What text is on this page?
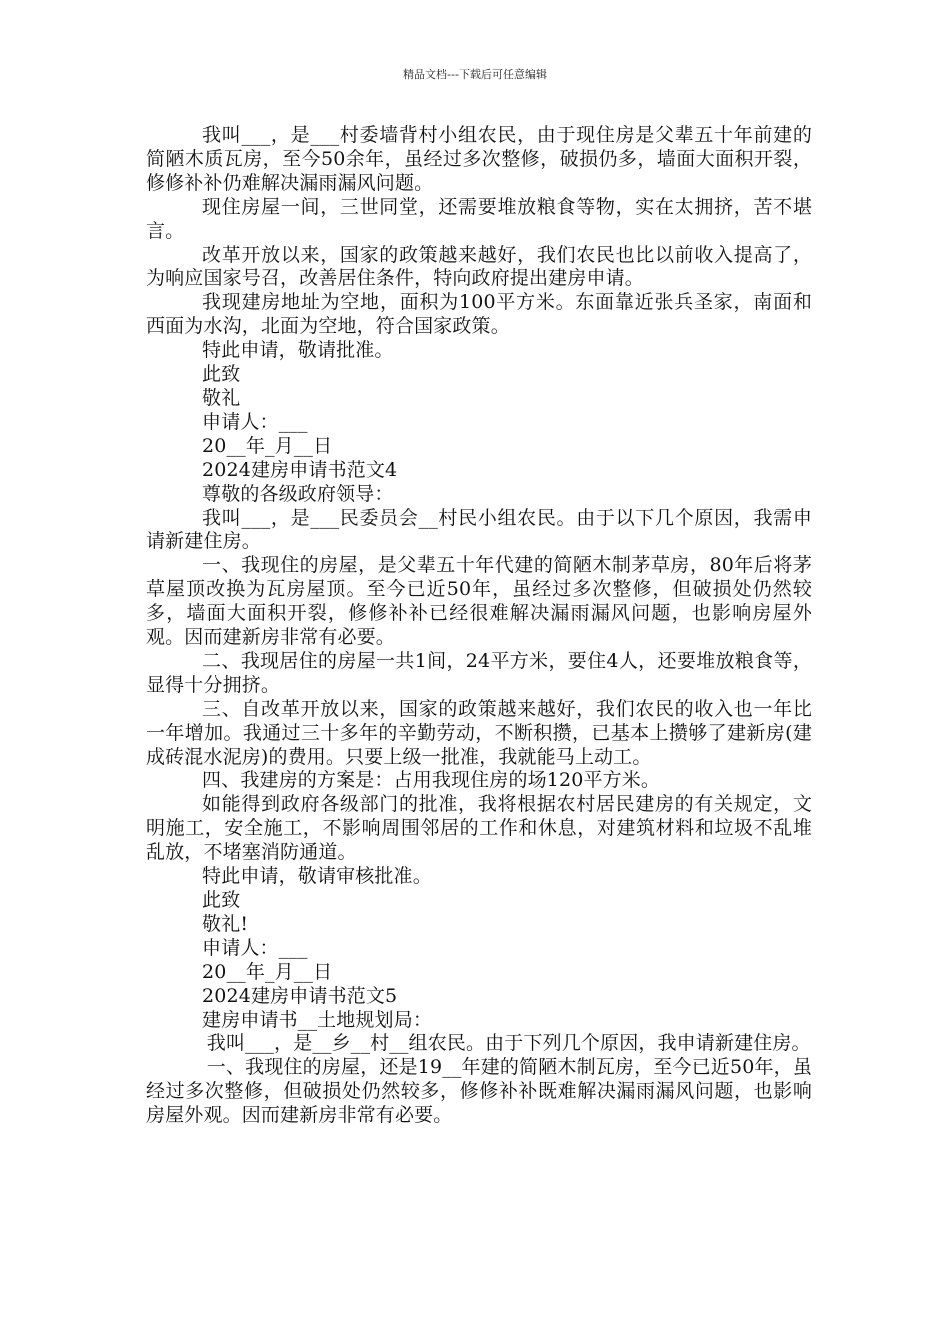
精品文档---下载后可任意编辑

我叫___，是___村委墙背村小组农民，由于现住房是父辈五十年前建的简陋木质瓦房，至今50余年，虽经过多次整修，破损仍多，墙面大面积开裂，修修补补仍难解决漏雨漏风问题。

现住房屋一间，三世同堂，还需要堆放粮食等物，实在太拥挤，苦不堪言。

改革开放以来，国家的政策越来越好，我们农民也比以前收入提高了，为响应国家号召，改善居住条件，特向政府提出建房申请。

我现建房地址为空地，面积为100平方米。东面靠近张兵圣家，南面和西面为水沟，北面为空地，符合国家政策。

特此申请，敬请批准。

此致

敬礼

申请人：___

20__年_月__日

2024建房申请书范文4

尊敬的各级政府领导：

我叫___，是___民委员会__村民小组农民。由于以下几个原因，我需申请新建住房。

一、我现住的房屋，是父辈五十年代建的简陋木制茅草房，80年后将茅草屋顶改换为瓦房屋顶。至今已近50年，虽经过多次整修，但破损处仍然较多，墙面大面积开裂，修修补补已经很难解决漏雨漏风问题，也影响房屋外观。因而建新房非常有必要。

二、我现居住的房屋一共1间，24平方米，要住4人，还要堆放粮食等，显得十分拥挤。

三、自改革开放以来，国家的政策越来越好，我们农民的收入也一年比一年增加。我通过三十多年的辛勤劳动，不断积攒，已基本上攒够了建新房(建成砖混水泥房)的费用。只要上级一批准，我就能马上动工。

四、我建房的方案是：占用我现住房的场120平方米。

如能得到政府各级部门的批准，我将根据农村居民建房的有关规定，文明施工，安全施工，不影响周围邻居的工作和休息，对建筑材料和垃圾不乱堆乱放，不堵塞消防通道。

特此申请，敬请审核批准。

此致

敬礼!

申请人：___

20__年_月__日

2024建房申请书范文5

建房申请书__土地规划局：

我叫___，是__乡__村__组农民。由于下列几个原因，我申请新建住房。

一、我现住的房屋，还是19__年建的简陋木制瓦房，至今已近50年，虽经过多次整修，但破损处仍然较多，修修补补既难解决漏雨漏风问题，也影响房屋外观。因而建新房非常有必要。
